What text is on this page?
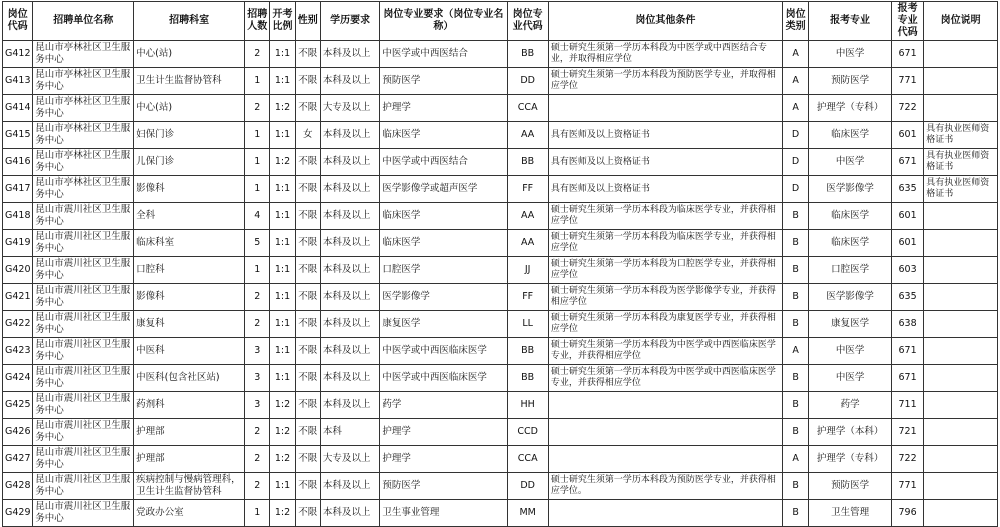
岗位代码	招聘单位名称	招聘科室	招聘人数	开考比例	性别	学历要求	岗位专业要求（岗位专业名称）	岗位专业代码	岗位其他条件	岗位类别	报考专业	报考专业代码	岗位说明
G412	昆山市亭林社区卫生服务中心	中心(站)	2	1:1	不限	本科及以上	中医学或中西医结合	BB	硕士研究生须第一学历本科段为中医学或中西医结合专业，并取得相应学位	A	中医学	671	
G413	昆山市亭林社区卫生服务中心	卫生计生监督协管科	1	1:1	不限	本科及以上	预防医学	DD	硕士研究生须第一学历本科段为预防医学专业，并取得相应学位	A	预防医学	771	
G414	昆山市亭林社区卫生服务中心	中心(站)	2	1:2	不限	大专及以上	护理学	CCA		A	护理学（专科）	722	
G415	昆山市亭林社区卫生服务中心	妇保门诊	1	1:1	女	本科及以上	临床医学	AA	具有医师及以上资格证书	D	临床医学	601	具有执业医师资格证书
G416	昆山市亭林社区卫生服务中心	儿保门诊	1	1:2	不限	本科及以上	中医学或中西医结合	BB	具有医师及以上资格证书	D	中医学	671	具有执业医师资格证书
G417	昆山市亭林社区卫生服务中心	影像科	1	1:1	不限	本科及以上	医学影像学或超声医学	FF	具有医师及以上资格证书	D	医学影像学	635	具有执业医师资格证书
G418	昆山市震川社区卫生服务中心	全科	4	1:1	不限	本科及以上	临床医学	AA	硕士研究生须第一学历本科段为临床医学专业，并获得相应学位	B	临床医学	601	
G419	昆山市震川社区卫生服务中心	临床科室	5	1:1	不限	本科及以上	临床医学	AA	硕士研究生须第一学历本科段为临床医学专业，并获得相应学位	B	临床医学	601	
G420	昆山市震川社区卫生服务中心	口腔科	1	1:1	不限	本科及以上	口腔医学	JJ	硕士研究生须第一学历本科段为口腔医学专业，并获得相应学位	B	口腔医学	603	
G421	昆山市震川社区卫生服务中心	影像科	2	1:1	不限	本科及以上	医学影像学	FF	硕士研究生须第一学历本科段为医学影像学专业，并获得相应学位	B	医学影像学	635	
G422	昆山市震川社区卫生服务中心	康复科	2	1:1	不限	本科及以上	康复医学	LL	硕士研究生须第一学历本科段为康复医学专业，并获得相应学位	B	康复医学	638	
G423	昆山市震川社区卫生服务中心	中医科	3	1:1	不限	本科及以上	中医学或中西医临床医学	BB	硕士研究生须第一学历本科段为中医学或中西医临床医学专业，并获得相应学位	A	中医学	671	
G424	昆山市震川社区卫生服务中心	中医科(包含社区站)	3	1:1	不限	本科及以上	中医学或中西医临床医学	BB	硕士研究生须第一学历本科段为中医学或中西医临床医学专业，并获得相应学位	B	中医学	671	
G425	昆山市震川社区卫生服务中心	药剂科	3	1:2	不限	本科及以上	药学	HH		B	药学	711	
G426	昆山市震川社区卫生服务中心	护理部	2	1:2	不限	本科	护理学	CCD		B	护理学（本科）	721	
G427	昆山市震川社区卫生服务中心	护理部	2	1:2	不限	大专及以上	护理学	CCA		A	护理学（专科）	722	
G428	昆山市震川社区卫生服务中心	疾病控制与慢病管理科，卫生计生监督协管科	2	1:1	不限	本科及以上	预防医学	DD	硕士研究生须第一学历本科段为预防医学专业，并获得相应学位。	B	预防医学	771	
G429	昆山市震川社区卫生服务中心	党政办公室	1	1:2	不限	本科及以上	卫生事业管理	MM		B	卫生管理	796	
